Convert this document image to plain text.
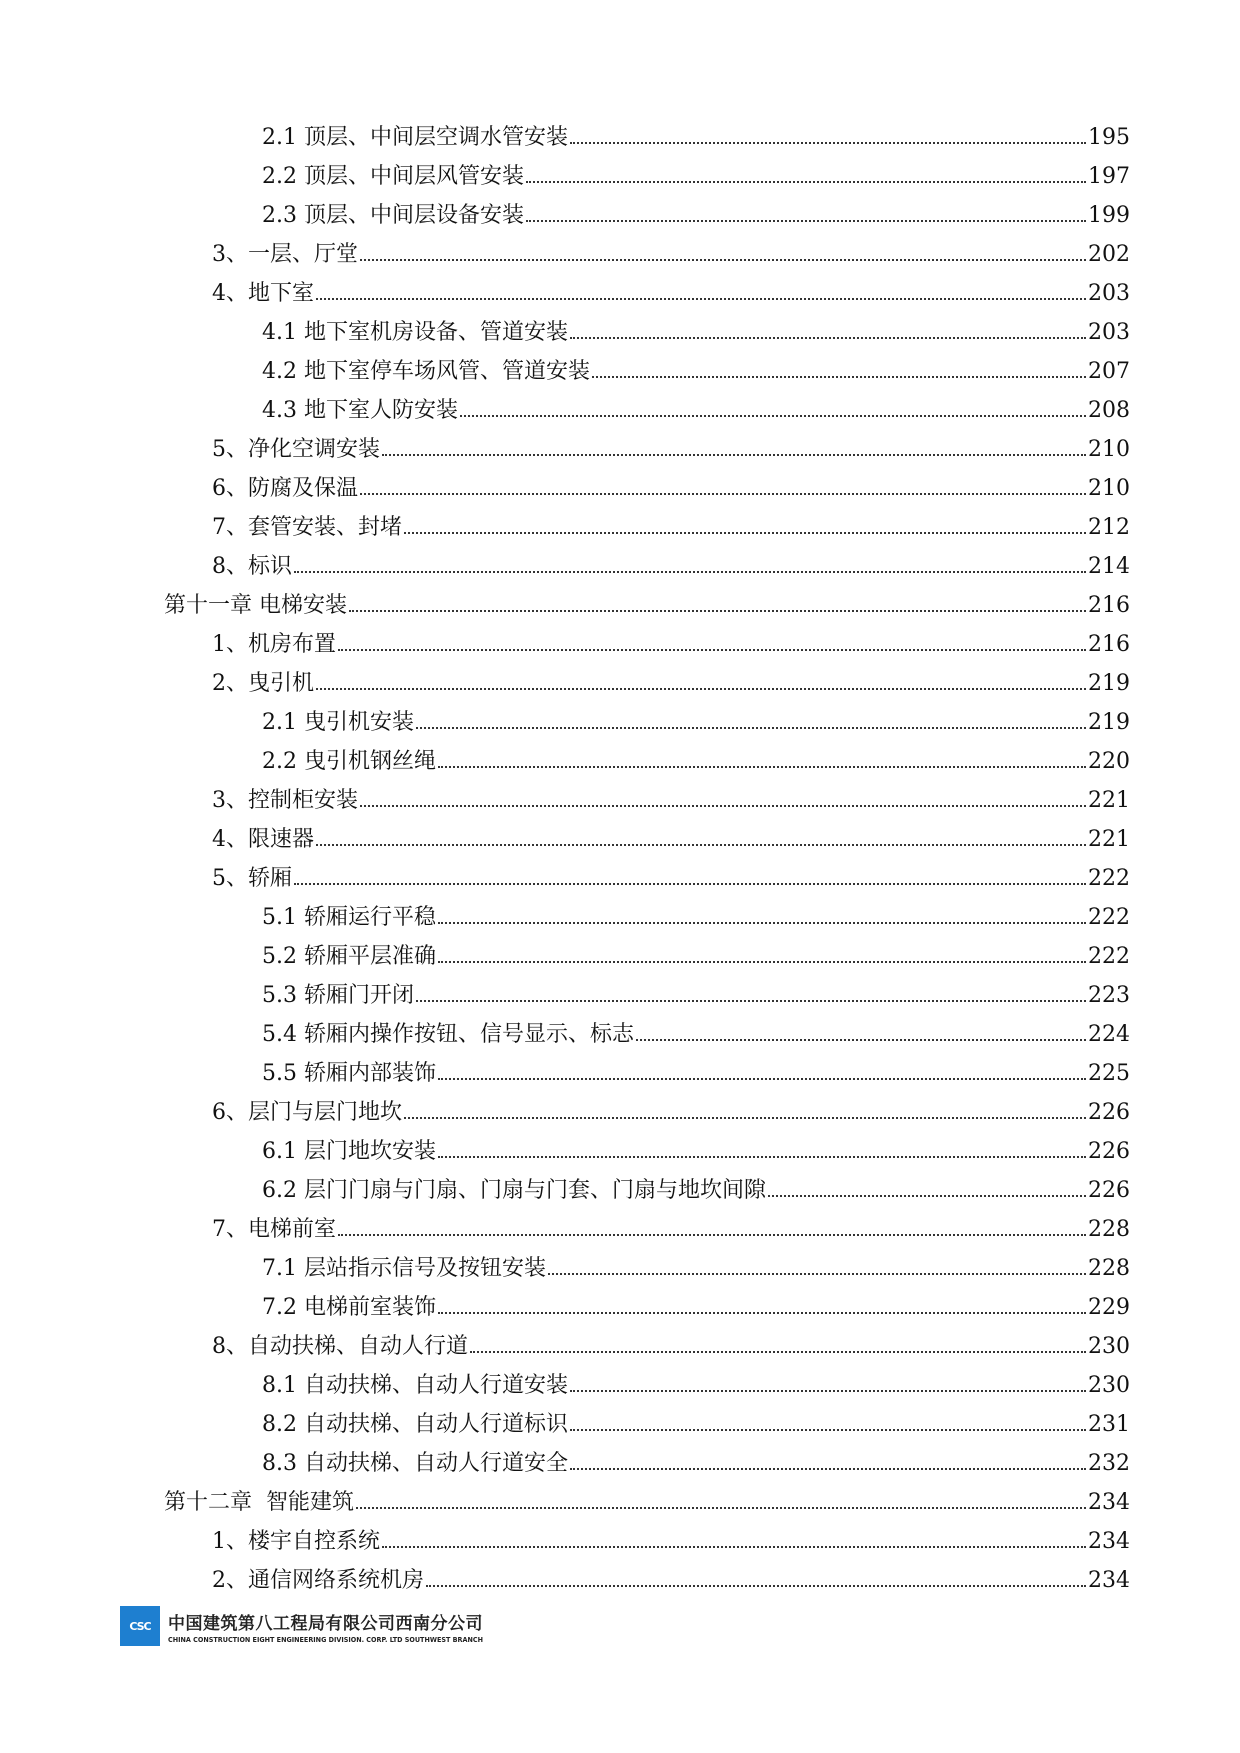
2.1 顶层、中间层空调水管安装	195
2.2 顶层、中间层风管安装	197
2.3 顶层、中间层设备安装	199
3、一层、厅堂	202
4、地下室	203
4.1 地下室机房设备、管道安装	203
4.2 地下室停车场风管、管道安装	207
4.3 地下室人防安装	208
5、净化空调安装	210
6、防腐及保温	210
7、套管安装、封堵	212
8、标识	214
第十一章 电梯安装	216
1、机房布置	216
2、曳引机	219
2.1 曳引机安装	219
2.2 曳引机钢丝绳	220
3、控制柜安装	221
4、限速器	221
5、轿厢	222
5.1 轿厢运行平稳	222
5.2 轿厢平层准确	222
5.3 轿厢门开闭	223
5.4 轿厢内操作按钮、信号显示、标志	224
5.5 轿厢内部装饰	225
6、层门与层门地坎	226
6.1 层门地坎安装	226
6.2 层门门扇与门扇、门扇与门套、门扇与地坎间隙	226
7、电梯前室	228
7.1 层站指示信号及按钮安装	228
7.2 电梯前室装饰	229
8、自动扶梯、自动人行道	230
8.1 自动扶梯、自动人行道安装	230
8.2 自动扶梯、自动人行道标识	231
8.3 自动扶梯、自动人行道安全	232
第十二章  智能建筑	234
1、楼宇自控系统	234
2、通信网络系统机房	234
CSC	中国建筑第八工程局有限公司西南分公司
CHINA CONSTRUCTION EIGHT ENGINEERING DIVISION. CORP. LTD SOUTHWEST BRANCH
